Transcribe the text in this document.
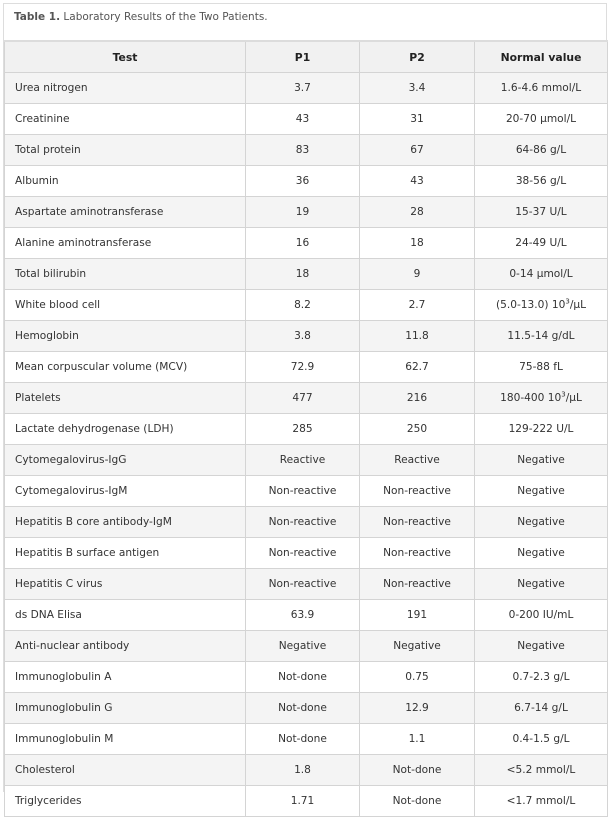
Table 1. Laboratory Results of the Two Patients.
Test	P1	P2	Normal value
Urea nitrogen	3.7	3.4	1.6-4.6 mmol/L
Creatinine	43	31	20-70 μmol/L
Total protein	83	67	64-86 g/L
Albumin	36	43	38-56 g/L
Aspartate aminotransferase	19	28	15-37 U/L
Alanine aminotransferase	16	18	24-49 U/L
Total bilirubin	18	9	0-14 μmol/L
White blood cell	8.2	2.7	(5.0-13.0) $10^3/\mu L$
Hemoglobin	3.8	11.8	11.5-14 g/dL
Mean corpuscular volume (MCV)	72.9	62.7	75-88 fL
Platelets	477	216	180-400 $10^3/\mu L$
Lactate dehydrogenase (LDH)	285	250	129-222 U/L
Cytomegalovirus-IgG	Reactive	Reactive	Negative
Cytomegalovirus-IgM	Non-reactive	Non-reactive	Negative
Hepatitis B core antibody-IgM	Non-reactive	Non-reactive	Negative
Hepatitis B surface antigen	Non-reactive	Non-reactive	Negative
Hepatitis C virus	Non-reactive	Non-reactive	Negative
ds DNA Elisa	63.9	191	0-200 IU/mL
Anti-nuclear antibody	Negative	Negative	Negative
Immunoglobulin A	Not-done	0.75	0.7-2.3 g/L
Immunoglobulin G	Not-done	12.9	6.7-14 g/L
Immunoglobulin M	Not-done	1.1	0.4-1.5 g/L
Cholesterol	1.8	Not-done	<5.2 mmol/L
Triglycerides	1.71	Not-done	<1.7 mmol/L
